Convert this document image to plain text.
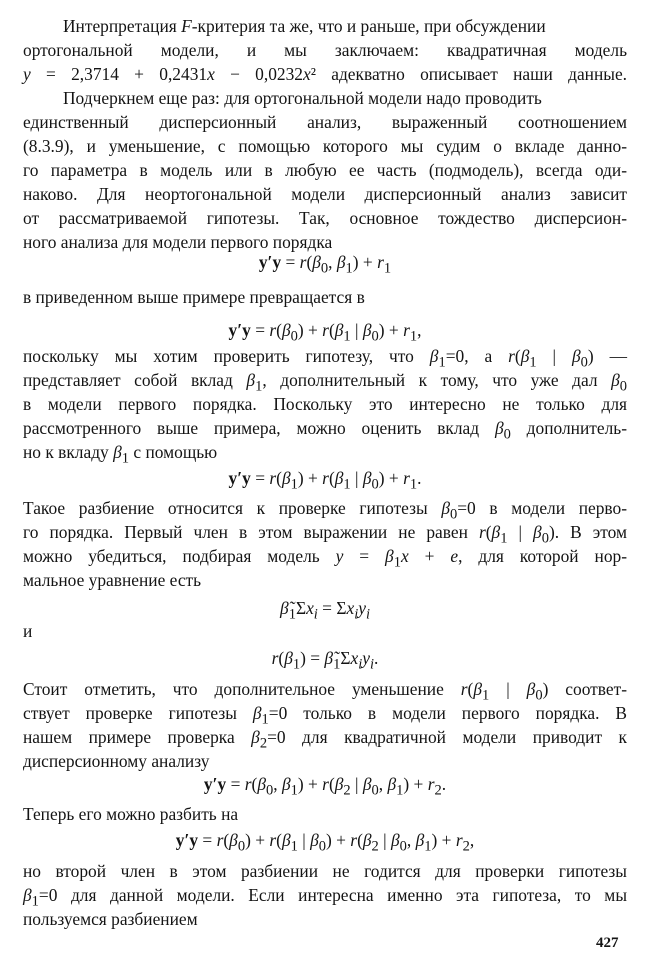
Интерпретация F-критерия та же, что и раньше, при обсуждении
ортогональной модели, и мы заключаем: квадратичная модель
y = 2,3714 + 0,2431x − 0,0232x² адекватно описывает наши данные.
Подчеркнем еще раз: для ортогональной модели надо проводить
единственный дисперсионный анализ, выраженный соотношением
(8.3.9), и уменьшение, с помощью которого мы судим о вкладе данно-
го параметра в модель или в любую ее часть (подмодель), всегда оди-
наково. Для неортогональной модели дисперсионный анализ зависит
от рассматриваемой гипотезы. Так, основное тождество дисперсион-
ного анализа для модели первого порядка
$y'y = r(\beta_0$, $\beta_1) + r_1$
в приведенном выше примере превращается в
$y'y = r(\beta_0) + r(\beta_1$ | $\beta_0) + r_1$,
поскольку мы хотим проверить гипотезу, что $\beta_1=0$, а $r(\beta_1$ | $\beta_0$) —
представляет собой вклад $\beta_1$, дополнительный к тому, что уже дал $\beta_0$
в модели первого порядка. Поскольку это интересно не только для
рассмотренного выше примера, можно оценить вклад $\beta_0$ дополнитель-
но к вкладу $\beta_1$ с помощью
$y'y = r(\beta_1) + r(\beta_1$ | $\beta_0) + r_1$.
Такое разбиение относится к проверке гипотезы $\beta_0=0$ в модели перво-
го порядка. Первый член в этом выражении не равен $r(\beta_1$ | $\beta_0$). В этом
можно убедиться, подбирая модель $y = \beta_1x + e$, для которой нор-
мальное уравнение есть
$\betã_1\Sigma x_i = \Sigma x_iy_i$
и
$r(\beta_1)$ = $\betã_1\Sigma x_iy_i$.
Стоит отметить, что дополнительное уменьшение $r(\beta_1$ | $\beta_0$) соответ-
ствует проверке гипотезы $\beta_1=0$ только в модели первого порядка. В
нашем примере проверка $\beta_2=0$ для квадратичной модели приводит к
дисперсионному анализу
$y'y = r(\beta_0$, $\beta_1) + r(\beta_2$ | $\beta_0$, $\beta_1) + r_2$.
Теперь его можно разбить на
$y'y = r(\beta_0) + r(\beta_1$ | $\beta_0) + r(\beta_2$ | $\beta_0$, $\beta_1) + r_2$,
но второй член в этом разбиении не годится для проверки гипотезы
$\beta_1=0$ для данной модели. Если интересна именно эта гипотеза, то мы
пользуемся разбиением
427
